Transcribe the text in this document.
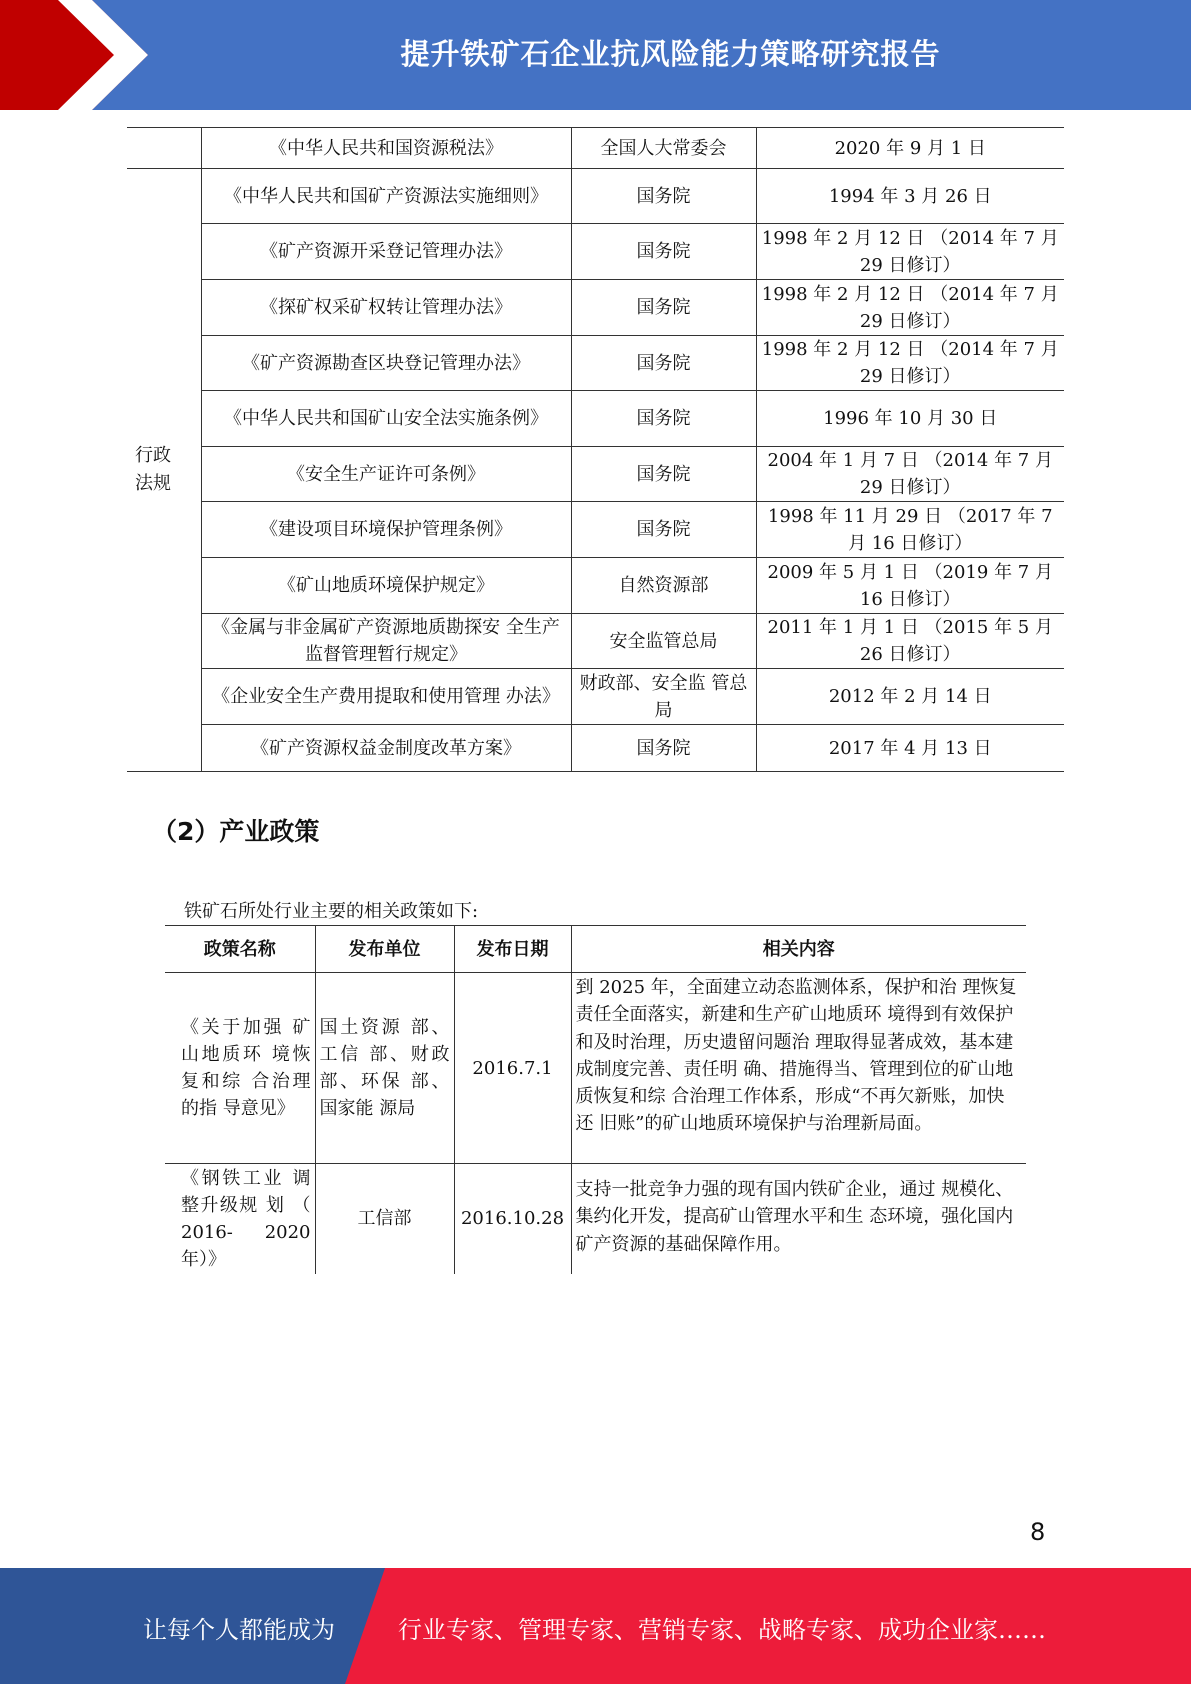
提升铁矿石企业抗风险能力策略研究报告
	《中华人民共和国资源税法》	全国人大常委会	2020 年 9 月 1 日
行政
法规	《中华人民共和国矿产资源法实施细则》	国务院	1994 年 3 月 26 日
	《矿产资源开采登记管理办法》	国务院	1998 年 2 月 12 日 （2014 年 7 月 29 日修订）
	《探矿权采矿权转让管理办法》	国务院	1998 年 2 月 12 日 （2014 年 7 月 29 日修订）
	《矿产资源勘查区块登记管理办法》	国务院	1998 年 2 月 12 日 （2014 年 7 月 29 日修订）
	《中华人民共和国矿山安全法实施条例》	国务院	1996 年 10 月 30 日
	《安全生产证许可条例》	国务院	2004 年 1 月 7 日 （2014 年 7 月 29 日修订）
	《建设项目环境保护管理条例》	国务院	1998 年 11 月 29 日 （2017 年 7 月 16 日修订）
	《矿山地质环境保护规定》	自然资源部	2009 年 5 月 1 日 （2019 年 7 月 16 日修订）
	《金属与非金属矿产资源地质勘探安 全生产监督管理暂行规定》	安全监管总局	2011 年 1 月 1 日 （2015 年 5 月 26 日修订）
	《企业安全生产费用提取和使用管理 办法》	财政部、安全监 管总局	2012 年 2 月 14 日
	《矿产资源权益金制度改革方案》	国务院	2017 年 4 月 13 日
（2）产业政策
铁矿石所处行业主要的相关政策如下:
政策名称	发布单位	发布日期	相关内容
《关于加强 矿山地质环 境恢复和综 合治理的指 导意见》	国土资源 部、工信 部、财政部、环保 部、国家能 源局	2016.7.1	到 2025 年，全面建立动态监测体系，保护和治 理恢复责任全面落实，新建和生产矿山地质环 境得到有效保护和及时治理，历史遗留问题治 理取得显著成效，基本建成制度完善、责任明 确、措施得当、管理到位的矿山地质恢复和综 合治理工作体系，形成“不再欠新账，加快还 旧账”的矿山地质环境保护与治理新局面。
《钢铁工业 调整升级规 划 （ 2016- 2020 年）》	工信部	2016.10.28	支持一批竞争力强的现有国内铁矿企业，通过 规模化、集约化开发，提高矿山管理水平和生 态环境，强化国内矿产资源的基础保障作用。
8
让每个人都能成为	行业专家、管理专家、营销专家、战略专家、成功企业家……
